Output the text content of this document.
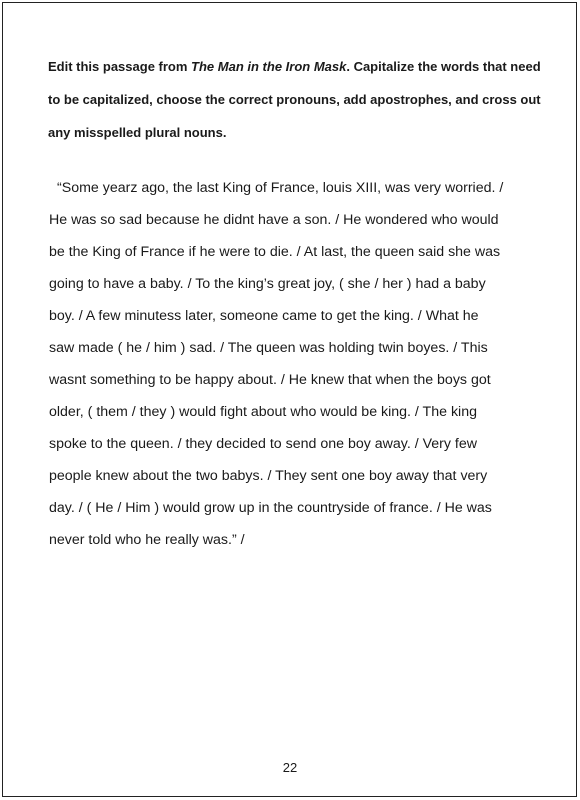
Edit this passage from The Man in the Iron Mask. Capitalize the words that need to be capitalized, choose the correct pronouns, add apostrophes, and cross out any misspelled plural nouns.

“Some yearz ago, the last King of France, louis XIII, was very worried. /
He was so sad because he didnt have a son. / He wondered who would
be the King of France if he were to die. / At last, the queen said she was
going to have a baby. / To the king’s great joy, ( she / her ) had a baby
boy. / A few minutess later, someone came to get the king. / What he
saw made ( he / him ) sad. / The queen was holding twin boyes. / This
wasnt something to be happy about. / He knew that when the boys got
older, ( them / they ) would fight about who would be king. / The king
spoke to the queen. / they decided to send one boy away. / Very few
people knew about the two babys. / They sent one boy away that very
day. / ( He / Him ) would grow up in the countryside of france. / He was
never told who he really was.” /
22
